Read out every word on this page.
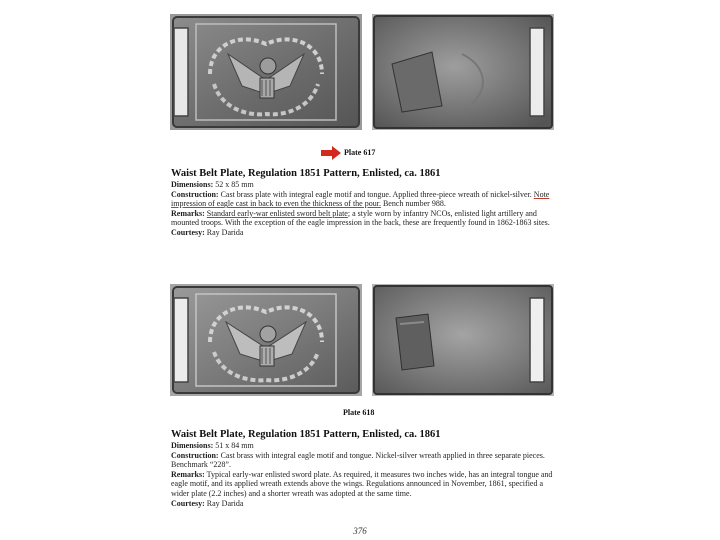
Plate 617
Waist Belt Plate, Regulation 1851 Pattern, Enlisted, ca. 1861

Dimensions: 52 x 85 mm

Construction: Cast brass plate with integral eagle motif and tongue. Applied three-piece wreath of nickel-silver. Note impression of eagle cast in back to even the thickness of the pour. Bench number 988.

Remarks: Standard early-war enlisted sword belt plate; a style worn by infantry NCOs, enlisted light artillery and mounted troops. With the exception of the eagle impression in the back, these are frequently found in 1862-1863 sites.

Courtesy: Ray Darida

Plate 618
Waist Belt Plate, Regulation 1851 Pattern, Enlisted, ca. 1861

Dimensions: 51 x 84 mm

Construction: Cast brass with integral eagle motif and tongue. Nickel-silver wreath applied in three separate pieces. Benchmark “228”.

Remarks: Typical early-war enlisted sword plate. As required, it measures two inches wide, has an integral tongue and eagle motif, and its applied wreath extends above the wings. Regulations announced in November, 1861, specified a wider plate (2.2 inches) and a shorter wreath was adopted at the same time.

Courtesy: Ray Darida

376
